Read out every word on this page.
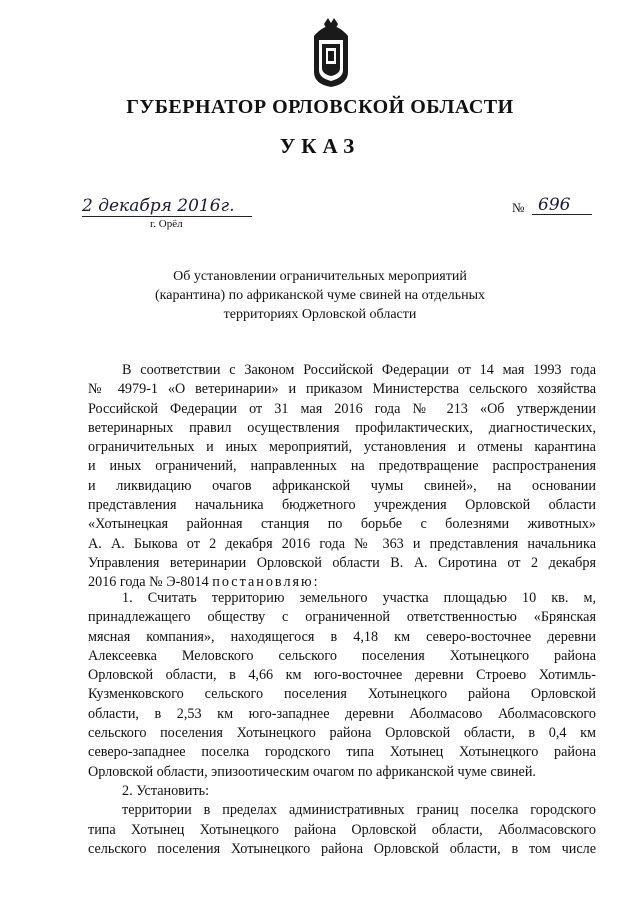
ГУБЕРНАТОР ОРЛОВСКОЙ ОБЛАСТИ
УКАЗ
2 декабря 2016г.
г. Орёл
№ 696
Об установлении ограничительных мероприятий
(карантина) по африканской чуме свиней на отдельных
территориях Орловской области
В соответствии с Законом Российской Федерации от 14 мая 1993 года
№ 4979-1 «О ветеринарии» и приказом Министерства сельского хозяйства
Российской Федерации от 31 мая 2016 года № 213 «Об утверждении
ветеринарных правил осуществления профилактических, диагностических,
ограничительных и иных мероприятий, установления и отмены карантина
и иных ограничений, направленных на предотвращение распространения
и ликвидацию очагов африканской чумы свиней», на основании
представления начальника бюджетного учреждения Орловской области
«Хотынецкая районная станция по борьбе с болезнями животных»
А. А. Быкова от 2 декабря 2016 года № 363 и представления начальника
Управления ветеринарии Орловской области В. А. Сиротина от 2 декабря
2016 года № Э-8014 постановляю:
1. Считать территорию земельного участка площадью 10 кв. м,
принадлежащего обществу с ограниченной ответственностью «Брянская
мясная компания», находящегося в 4,18 км северо-восточнее деревни
Алексеевка Меловского сельского поселения Хотынецкого района
Орловской области, в 4,66 км юго-восточнее деревни Строево Хотимль-
Кузменковского сельского поселения Хотынецкого района Орловской
области, в 2,53 км юго-западнее деревни Аболмасово Аболмасовского
сельского поселения Хотынецкого района Орловской области, в 0,4 км
северо-западнее поселка городского типа Хотынец Хотынецкого района
Орловской области, эпизоотическим очагом по африканской чуме свиней.
2. Установить:
территории в пределах административных границ поселка городского
типа Хотынец Хотынецкого района Орловской области, Аболмасовского
сельского поселения Хотынецкого района Орловской области, в том числе
